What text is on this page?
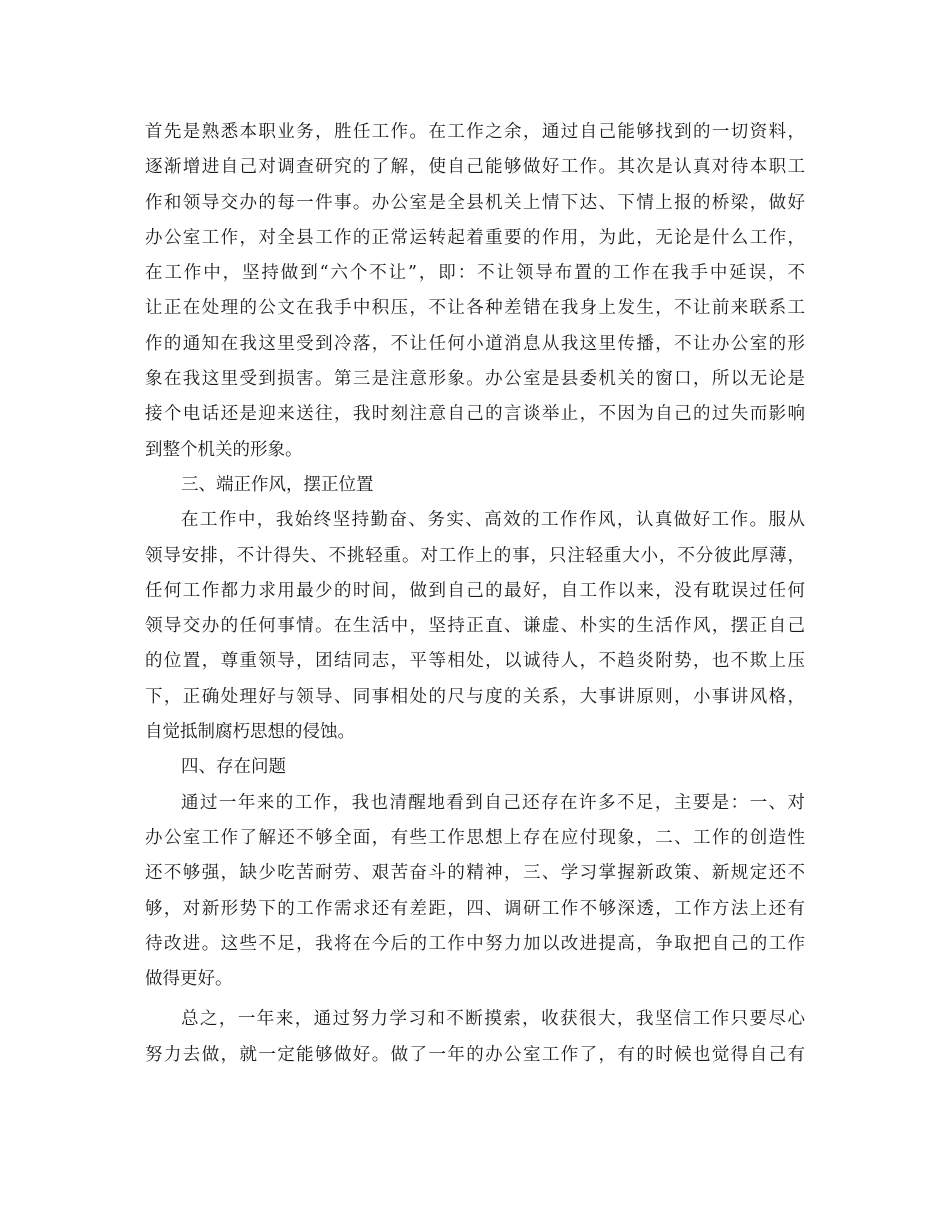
首先是熟悉本职业务，胜任工作。在工作之余，通过自己能够找到的一切资料，
逐渐增进自己对调查研究的了解，使自己能够做好工作。其次是认真对待本职工
作和领导交办的每一件事。办公室是全县机关上情下达、下情上报的桥梁，做好
办公室工作，对全县工作的正常运转起着重要的作用，为此，无论是什么工作，
在工作中，坚持做到“六个不让”，即：不让领导布置的工作在我手中延误，不
让正在处理的公文在我手中积压，不让各种差错在我身上发生，不让前来联系工
作的通知在我这里受到冷落，不让任何小道消息从我这里传播，不让办公室的形
象在我这里受到损害。第三是注意形象。办公室是县委机关的窗口，所以无论是
接个电话还是迎来送往，我时刻注意自己的言谈举止，不因为自己的过失而影响
到整个机关的形象。
三、端正作风，摆正位置
在工作中，我始终坚持勤奋、务实、高效的工作作风，认真做好工作。服从
领导安排，不计得失、不挑轻重。对工作上的事，只注轻重大小，不分彼此厚薄，
任何工作都力求用最少的时间，做到自己的最好，自工作以来，没有耽误过任何
领导交办的任何事情。在生活中，坚持正直、谦虚、朴实的生活作风，摆正自己
的位置，尊重领导，团结同志，平等相处，以诚待人，不趋炎附势，也不欺上压
下，正确处理好与领导、同事相处的尺与度的关系，大事讲原则，小事讲风格，
自觉抵制腐朽思想的侵蚀。
四、存在问题
通过一年来的工作，我也清醒地看到自己还存在许多不足，主要是：一、对
办公室工作了解还不够全面，有些工作思想上存在应付现象，二、工作的创造性
还不够强，缺少吃苦耐劳、艰苦奋斗的精神，三、学习掌握新政策、新规定还不
够，对新形势下的工作需求还有差距，四、调研工作不够深透，工作方法上还有
待改进。这些不足，我将在今后的工作中努力加以改进提高，争取把自己的工作
做得更好。
总之，一年来，通过努力学习和不断摸索，收获很大，我坚信工作只要尽心
努力去做，就一定能够做好。做了一年的办公室工作了，有的时候也觉得自己有
